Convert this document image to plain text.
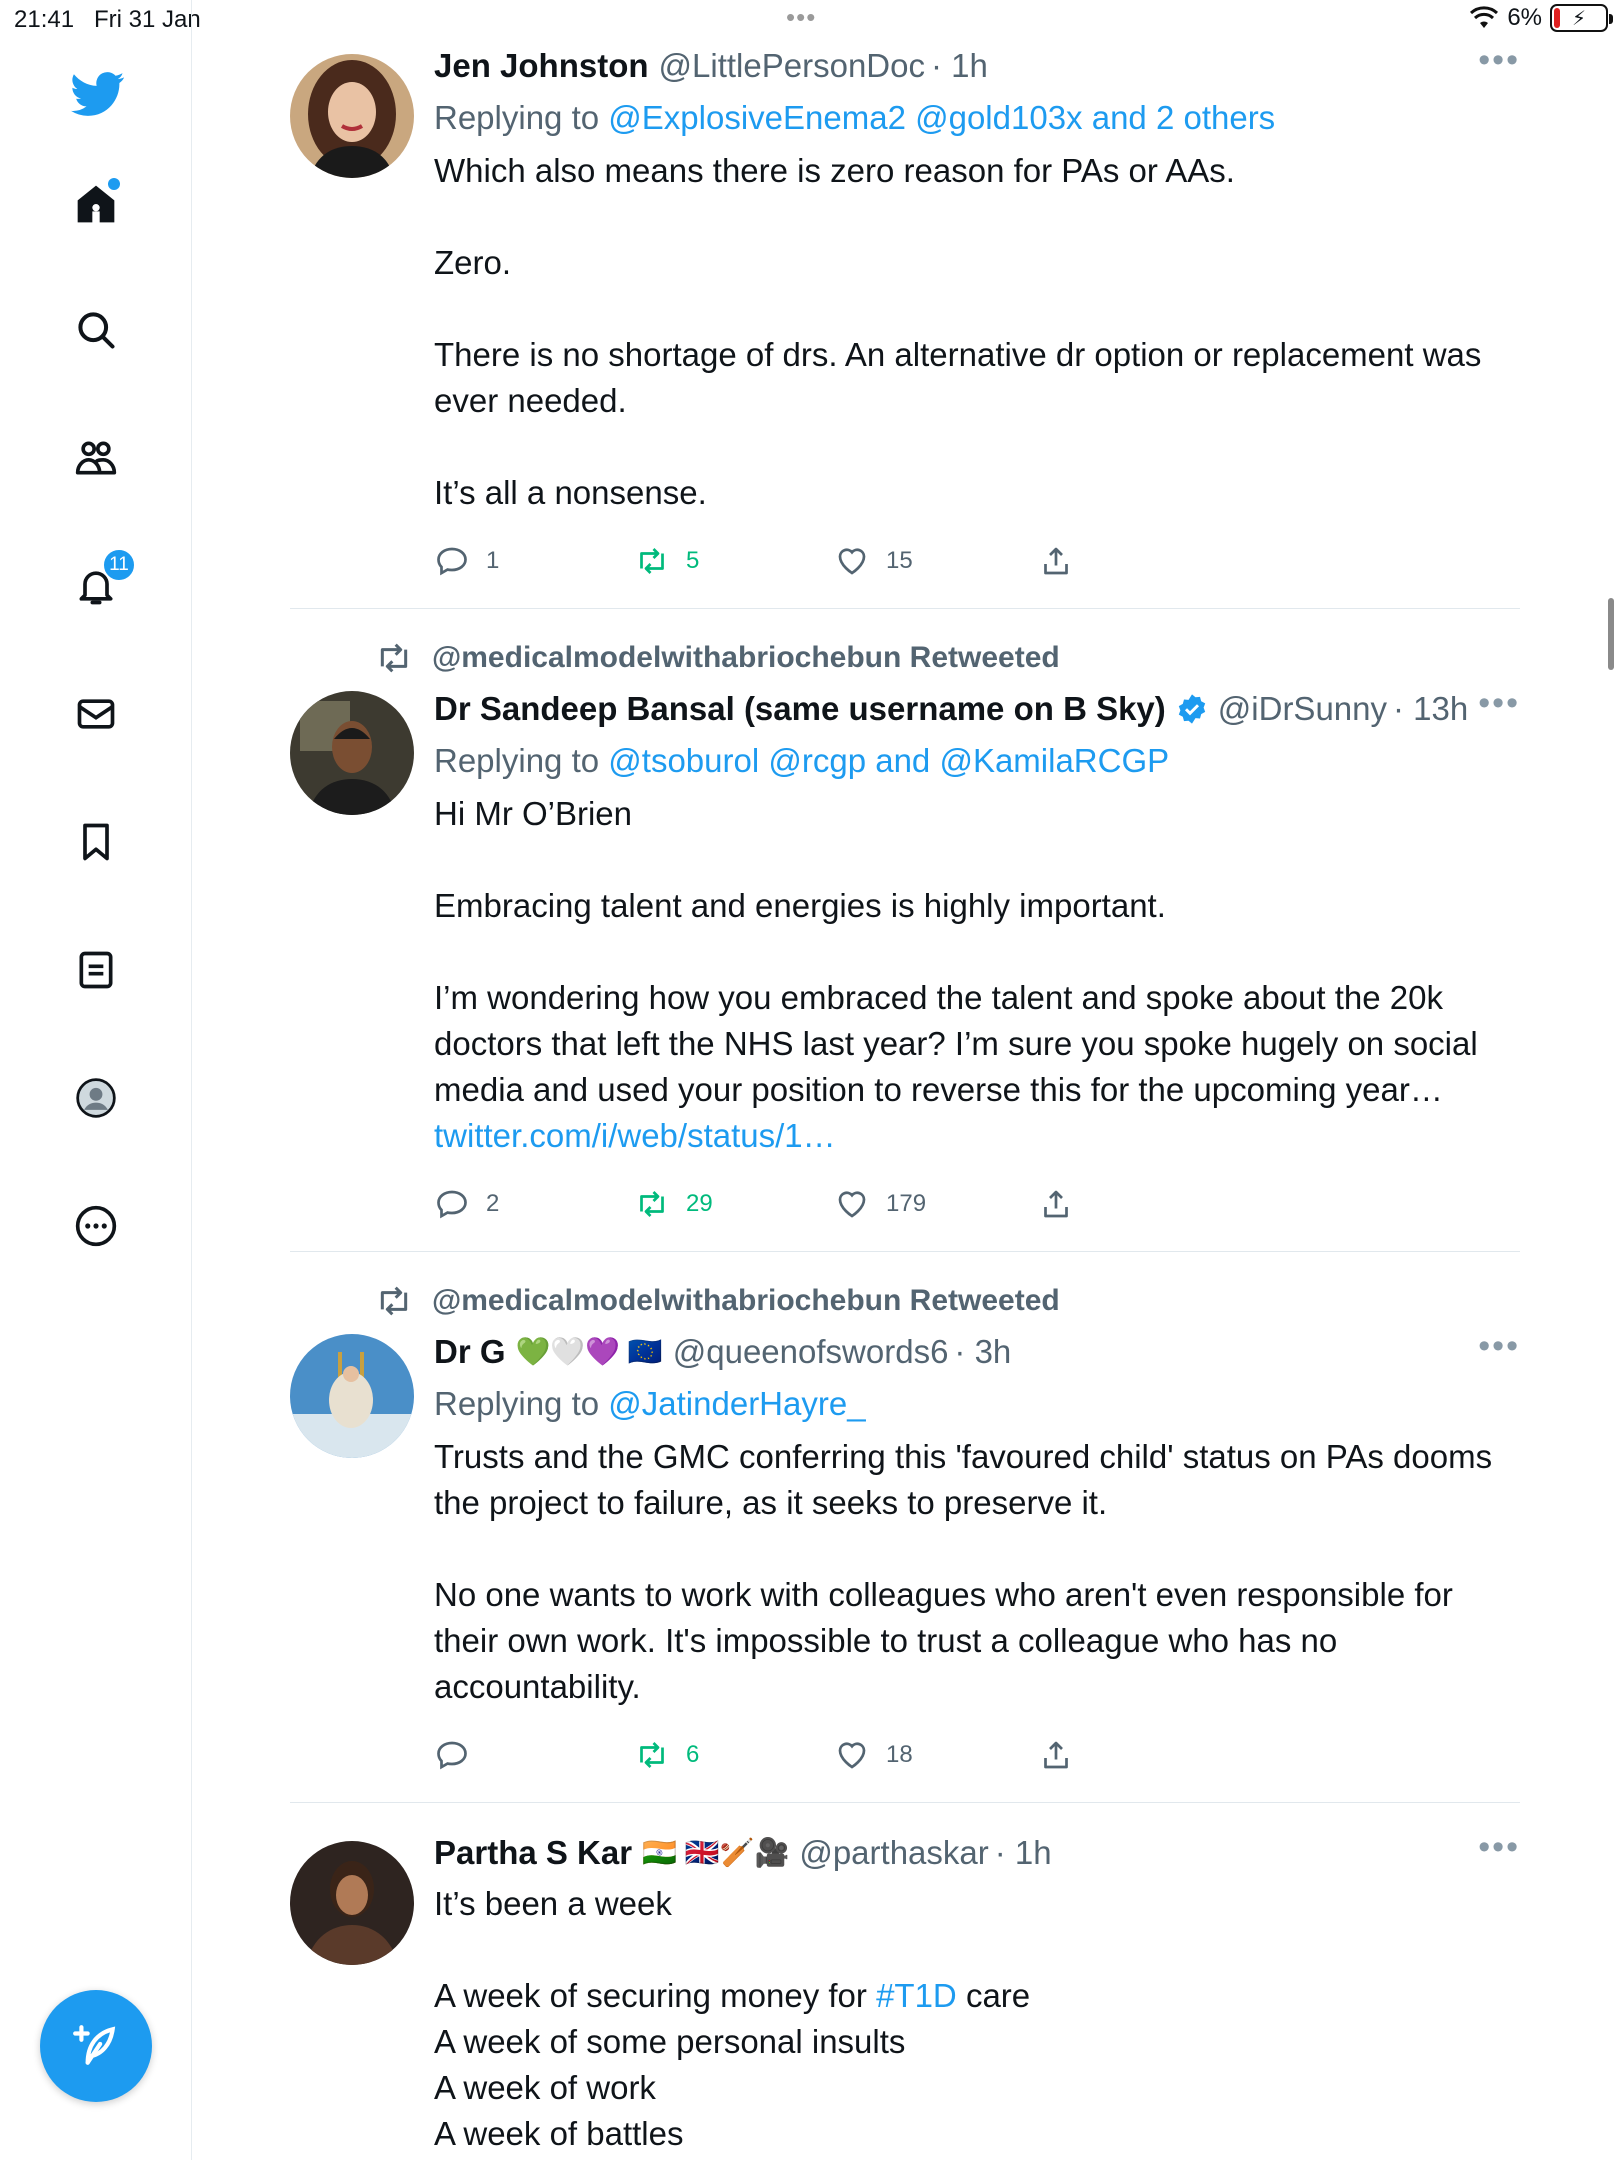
21:41 Fri 31 Jan	•••	6% ⚡
11
Jen Johnston @LittlePersonDoc · 1h	•••
Replying to @ExplosiveEnema2 @gold103x and 2 others

Which also means there is zero reason for PAs or AAs.

Zero.

There is no shortage of drs. An alternative dr option or replacement was ever needed.

It’s all a nonsense.

1	5	15
@medicalmodelwithabriochebun Retweeted
Dr Sandeep Bansal (same username on B Sky) @iDrSunny · 13h •••
Replying to @tsoburol @rcgp and @KamilaRCGP

Hi Mr O’Brien

Embracing talent and energies is highly important.

I’m wondering how you embraced the talent and spoke about the 20k doctors that left the NHS last year? I’m sure you spoke hugely on social media and used your position to reverse this for the upcoming year…

twitter.com/i/web/status/1…

2	29	179
@medicalmodelwithabriochebun Retweeted
Dr G 💚🤍💜 🇪🇺 @queenofswords6 · 3h	•••
Replying to @JatinderHayre_

Trusts and the GMC conferring this 'favoured child' status on PAs dooms the project to failure, as it seeks to preserve it.

No one wants to work with colleagues who aren't even responsible for their own work. It's impossible to trust a colleague who has no accountability.

6	18
Partha S Kar 🇮🇳 🇬🇧🏏🎥 @parthaskar · 1h	•••

It’s been a week

A week of securing money for #T1D care

A week of some personal insults

A week of work

A week of battles
